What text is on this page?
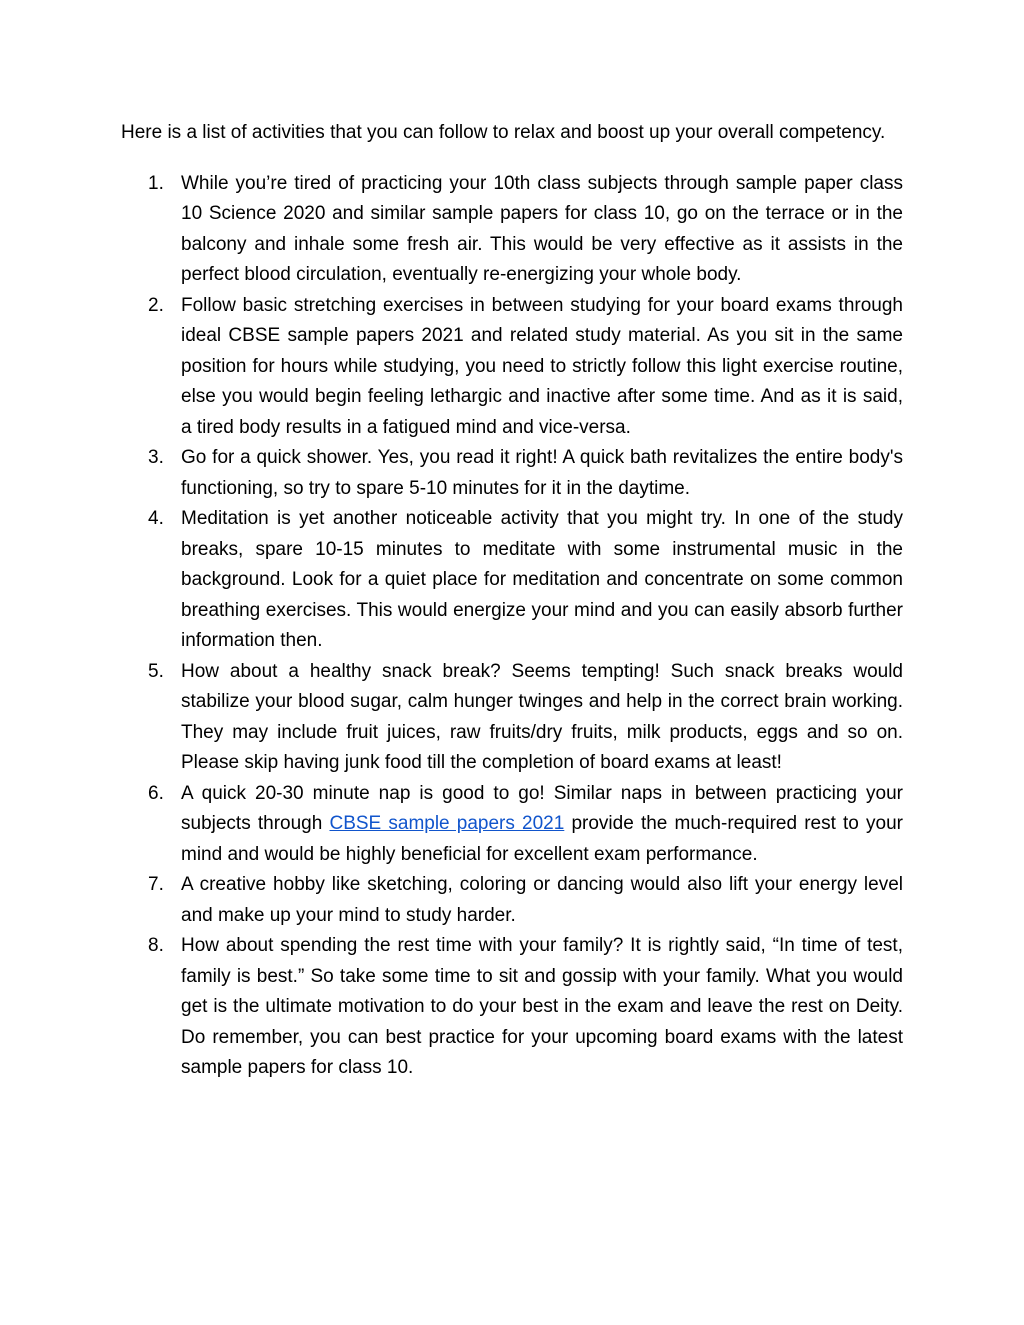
Here is a list of activities that you can follow to relax and boost up your overall competency.

1. While you’re tired of practicing your 10th class subjects through sample paper class 10 Science 2020 and similar sample papers for class 10, go on the terrace or in the balcony and inhale some fresh air. This would be very effective as it assists in the perfect blood circulation, eventually re-energizing your whole body.
2. Follow basic stretching exercises in between studying for your board exams through ideal CBSE sample papers 2021 and related study material. As you sit in the same position for hours while studying, you need to strictly follow this light exercise routine, else you would begin feeling lethargic and inactive after some time. And as it is said, a tired body results in a fatigued mind and vice-versa.
3. Go for a quick shower. Yes, you read it right! A quick bath revitalizes the entire body's functioning, so try to spare 5-10 minutes for it in the daytime.
4. Meditation is yet another noticeable activity that you might try. In one of the study breaks, spare 10-15 minutes to meditate with some instrumental music in the background. Look for a quiet place for meditation and concentrate on some common breathing exercises. This would energize your mind and you can easily absorb further information then.
5. How about a healthy snack break? Seems tempting! Such snack breaks would stabilize your blood sugar, calm hunger twinges and help in the correct brain working. They may include fruit juices, raw fruits/dry fruits, milk products, eggs and so on. Please skip having junk food till the completion of board exams at least!
6. A quick 20-30 minute nap is good to go! Similar naps in between practicing your subjects through CBSE sample papers 2021 provide the much-required rest to your mind and would be highly beneficial for excellent exam performance.
7. A creative hobby like sketching, coloring or dancing would also lift your energy level and make up your mind to study harder.
8. How about spending the rest time with your family? It is rightly said, “In time of test, family is best.” So take some time to sit and gossip with your family. What you would get is the ultimate motivation to do your best in the exam and leave the rest on Deity. Do remember, you can best practice for your upcoming board exams with the latest sample papers for class 10.
